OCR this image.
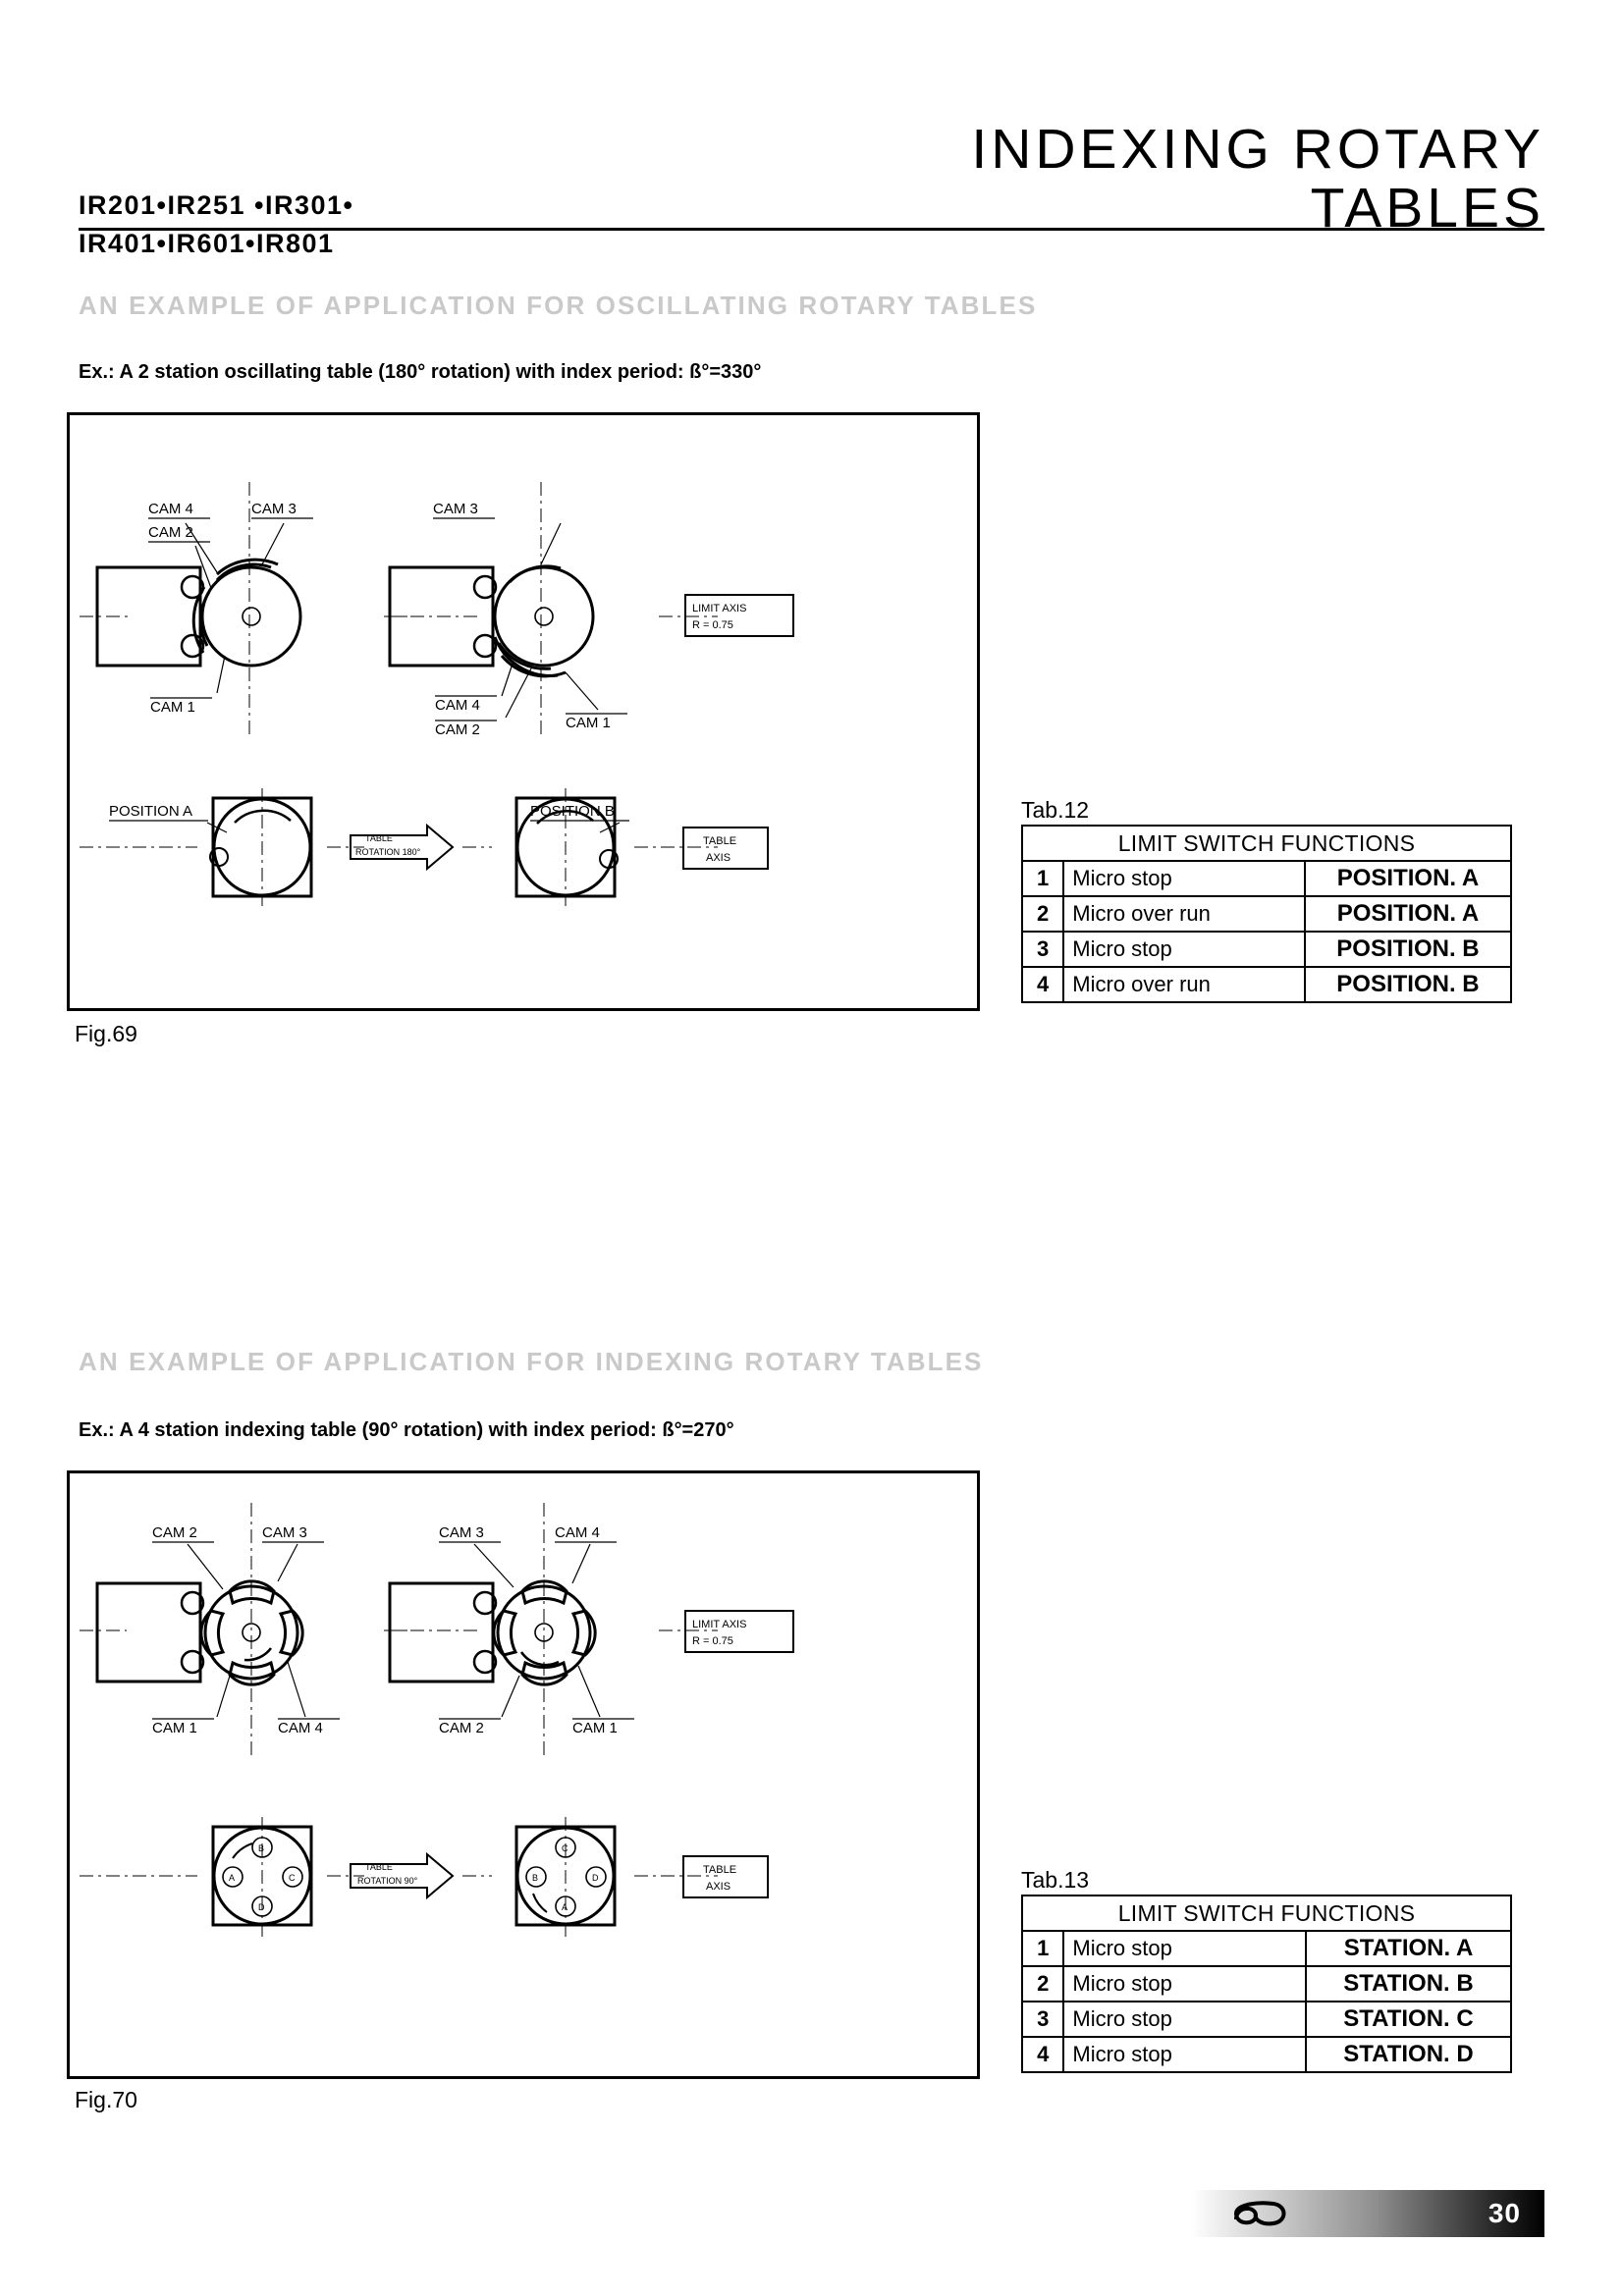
IR201•IR251 •IR301•
IR401•IR601•IR801
INDEXING ROTARY
TABLES
AN EXAMPLE OF APPLICATION FOR OSCILLATING ROTARY TABLES
Ex.: A 2 station oscillating table (180° rotation) with index period: ß°=330°
CAM 4
CAM 2
CAM 3
CAM 1
CAM 3
CAM 4
CAM 2	CAM 1
LIMIT AXIS
R = 0.75
POSITION A	POSITION B
TABLE
ROTATION 180°
TABLE
AXIS
Fig.69
Tab.12
LIMIT SWITCH FUNCTIONS		
1	Micro stop	POSITION. A
2	Micro over run	POSITION. A
3	Micro stop	POSITION. B
4	Micro over run	POSITION. B
AN EXAMPLE OF APPLICATION FOR INDEXING ROTARY TABLES
Ex.: A 4 station indexing table (90° rotation) with index period: ß°=270°
CAM 2	CAM 3
CAM 1	CAM 4
CAM 3	CAM 4
CAM 2	CAM 1
LIMIT AXIS
R = 0.75
B
A	C
D
C
B	D
A
TABLE
ROTATION 90°
TABLE
AXIS
Fig.70
Tab.13
LIMIT SWITCH FUNCTIONS		
1	Micro stop	STATION. A
2	Micro stop	STATION. B
3	Micro stop	STATION. C
4	Micro stop	STATION. D
30
